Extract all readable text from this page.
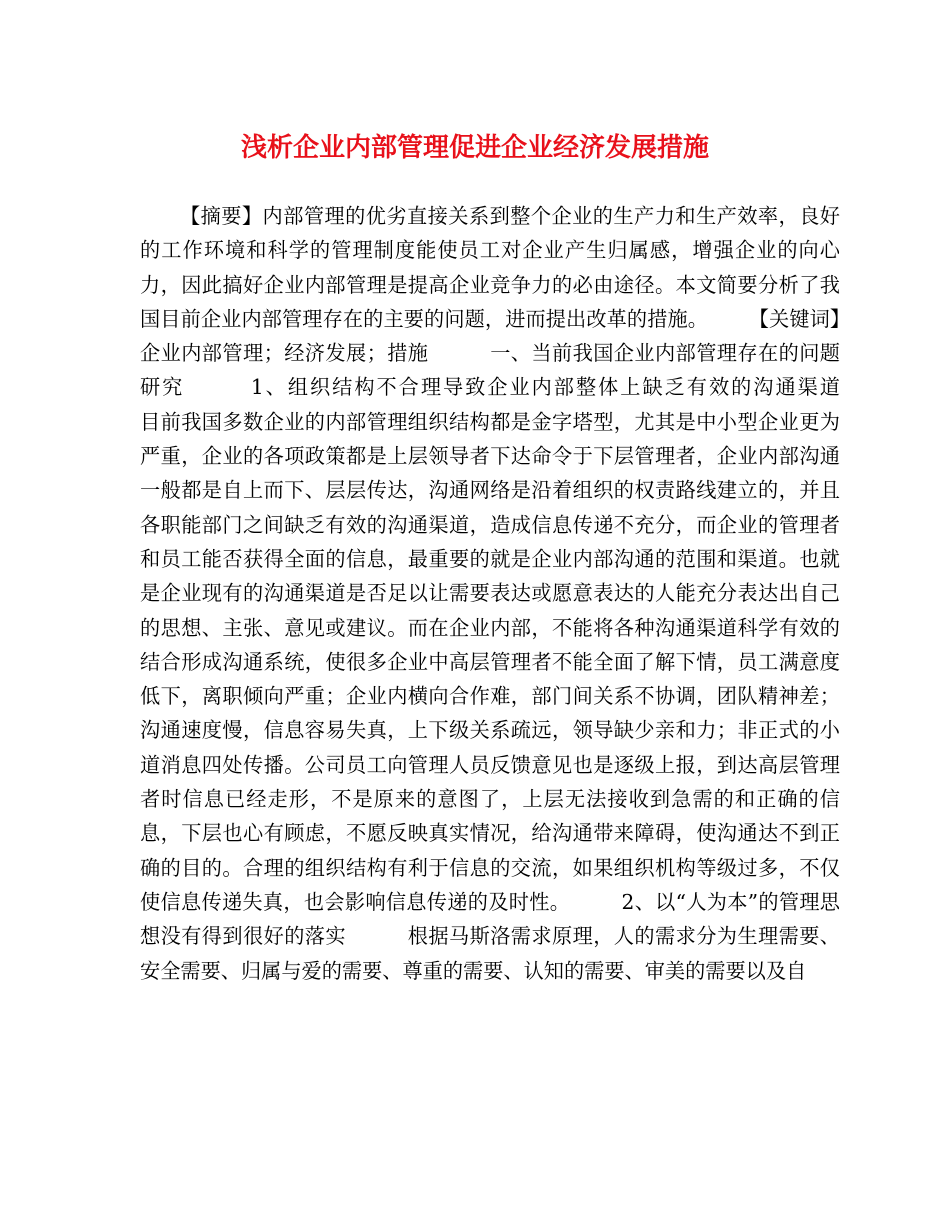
浅析企业内部管理促进企业经济发展措施

【摘要】内部管理的优劣直接关系到整个企业的生产力和生产效率，良好的工作环境和科学的管理制度能使员工对企业产生归属感，增强企业的向心力，因此搞好企业内部管理是提高企业竞争力的必由途径。本文简要分析了我国目前企业内部管理存在的主要的问题，进而提出改革的措施。　　　【关键词】企业内部管理；经济发展；措施　　　一、当前我国企业内部管理存在的问题研究　　　1、组织结构不合理导致企业内部整体上缺乏有效的沟通渠道　　　目前我国多数企业的内部管理组织结构都是金字塔型，尤其是中小型企业更为严重，企业的各项政策都是上层领导者下达命令于下层管理者，企业内部沟通一般都是自上而下、层层传达，沟通网络是沿着组织的权责路线建立的，并且各职能部门之间缺乏有效的沟通渠道，造成信息传递不充分，而企业的管理者和员工能否获得全面的信息，最重要的就是企业内部沟通的范围和渠道。也就是企业现有的沟通渠道是否足以让需要表达或愿意表达的人能充分表达出自己的思想、主张、意见或建议。而在企业内部，不能将各种沟通渠道科学有效的结合形成沟通系统，使很多企业中高层管理者不能全面了解下情，员工满意度低下，离职倾向严重；企业内横向合作难，部门间关系不协调，团队精神差；沟通速度慢，信息容易失真，上下级关系疏远，领导缺少亲和力；非正式的小道消息四处传播。公司员工向管理人员反馈意见也是逐级上报，到达高层管理者时信息已经走形，不是原来的意图了，上层无法接收到急需的和正确的信息，下层也心有顾虑，不愿反映真实情况，给沟通带来障碍，使沟通达不到正确的目的。合理的组织结构有利于信息的交流，如果组织机构等级过多，不仅使信息传递失真，也会影响信息传递的及时性。　　　2、以“人为本”的管理思想没有得到很好的落实　　　根据马斯洛需求原理，人的需求分为生理需要、安全需要、归属与爱的需要、尊重的需要、认知的需要、审美的需要以及自
